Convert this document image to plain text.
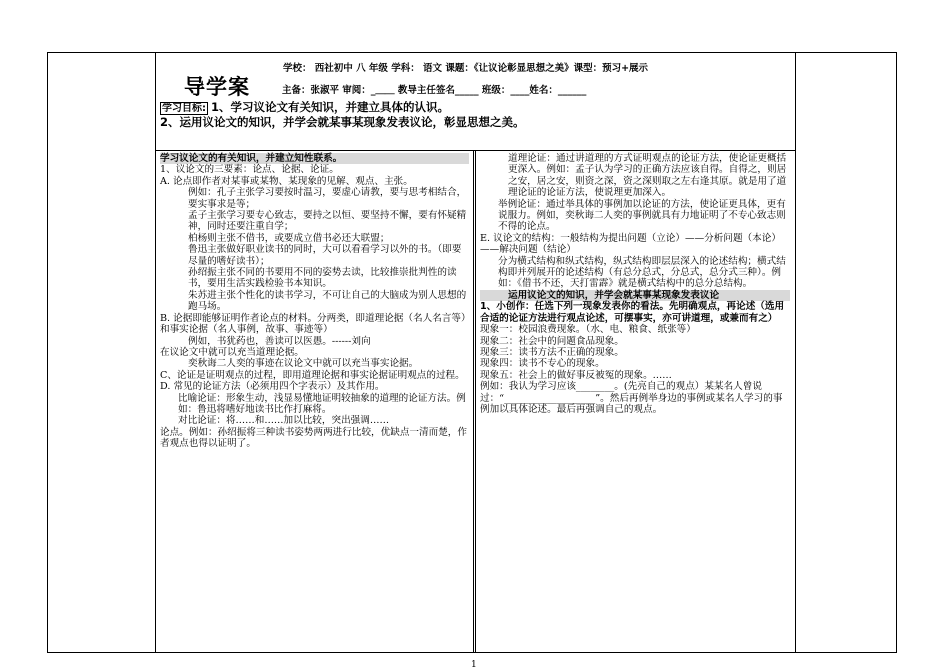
学校： 西社初中 八 年级 学科： 语文 课题：《让议论彰显思想之美》课型：预习+展示
导学案	主备：张淑平 审阅：_＿＿ 教导主任签名_____ 班级：____姓名：______
学习目标: 1、学习议论文有关知识，并建立具体的认识。
2、运用议论文的知识，并学会就某事某现象发表议论，彰显思想之美。

学习议论文的有关知识，并建立知性联系。

1、议论文的三要素：论点、论据、论证。

A. 论点即作者对某事或某物、某现象的见解、观点、主张。

例如：孔子主张学习要按时温习，要虚心请教，要与思考相结合，要实事求是等；

孟子主张学习要专心致志，要持之以恒、要坚持不懈，要有怀疑精神，同时还要注重自学；

柏杨则主张不借书，或要成立借书必还大联盟；

鲁迅主张做好职业读书的同时，大可以看看学习以外的书。（即要尽量的嗜好读书）；

孙绍振主张不同的书要用不同的姿势去读，比较推崇批判性的读书，要用生活实践检验书本知识。

朱苏进主张个性化的读书学习，不可让自己的大脑成为别人思想的跑马场。

B. 论据即能够证明作者论点的材料。分两类，即道理论据（名人名言等）和事实论据（名人事例，故事、事迹等）

例如，书犹药也，善读可以医愚。------刘向

在议论文中就可以充当道理论据。

奕秋诲二人奕的事迹在议论文中就可以充当事实论据。

C、论证是证明观点的过程，即用道理论据和事实论据证明观点的过程。D. 常见的论证方法（必须用四个字表示）及其作用。

比喻论证：形象生动，浅显易懂地证明较抽象的道理的论证方法。例如：鲁迅将嗜好地读书比作打麻将。

对比论证：将……和……加以比较，突出强调……

论点。例如：孙绍振将三种读书姿势两两进行比较，优缺点一清而楚，作者观点也得以证明了。

道理论证：通过讲道理的方式证明观点的论证方法，使论证更概括更深入。例如：孟子认为学习的正确方法应该自得。自得之，则居之安，居之安，则资之深，资之深则取之左右逢其原。就是用了道理论证的论证方法，使说理更加深入。

举例论证：通过举具体的事例加以论证的方法，使论证更具体，更有说服力。例如，奕秋诲二人奕的事例就具有力地证明了不专心致志则不得的论点。

E. 议论文的结构：一般结构为提出问题（立论）——分析问题（本论）——解决问题（结论）

分为横式结构和纵式结构，纵式结构即层层深入的论述结构；横式结构即并列展开的论述结构（有总分总式，分总式，总分式三种）。例如：《借书不还，天打雷霹》就是横式结构中的总分总结构。

运用议论文的知识，并学会就某事某现象发表议论

1、小创作：任选下列一现象发表你的看法。先明确观点，再论述（选用合适的论证方法进行观点论述，可摆事实，亦可讲道理，或兼而有之）

现象一：校园浪费现象。（水、电、粮食、纸张等）

现象二：社会中的问题食品现象。

现象三：读书方法不正确的现象。

现象四：读书不专心的现象。

现象五：社会上的做好事反被冤的现象。……

例如：我认为学习应该________。(先亮自己的观点）某某名人曾说过：“___________________”。然后再例举身边的事例或某名人学习的事例加以具体论述。最后再强调自己的观点。

1
